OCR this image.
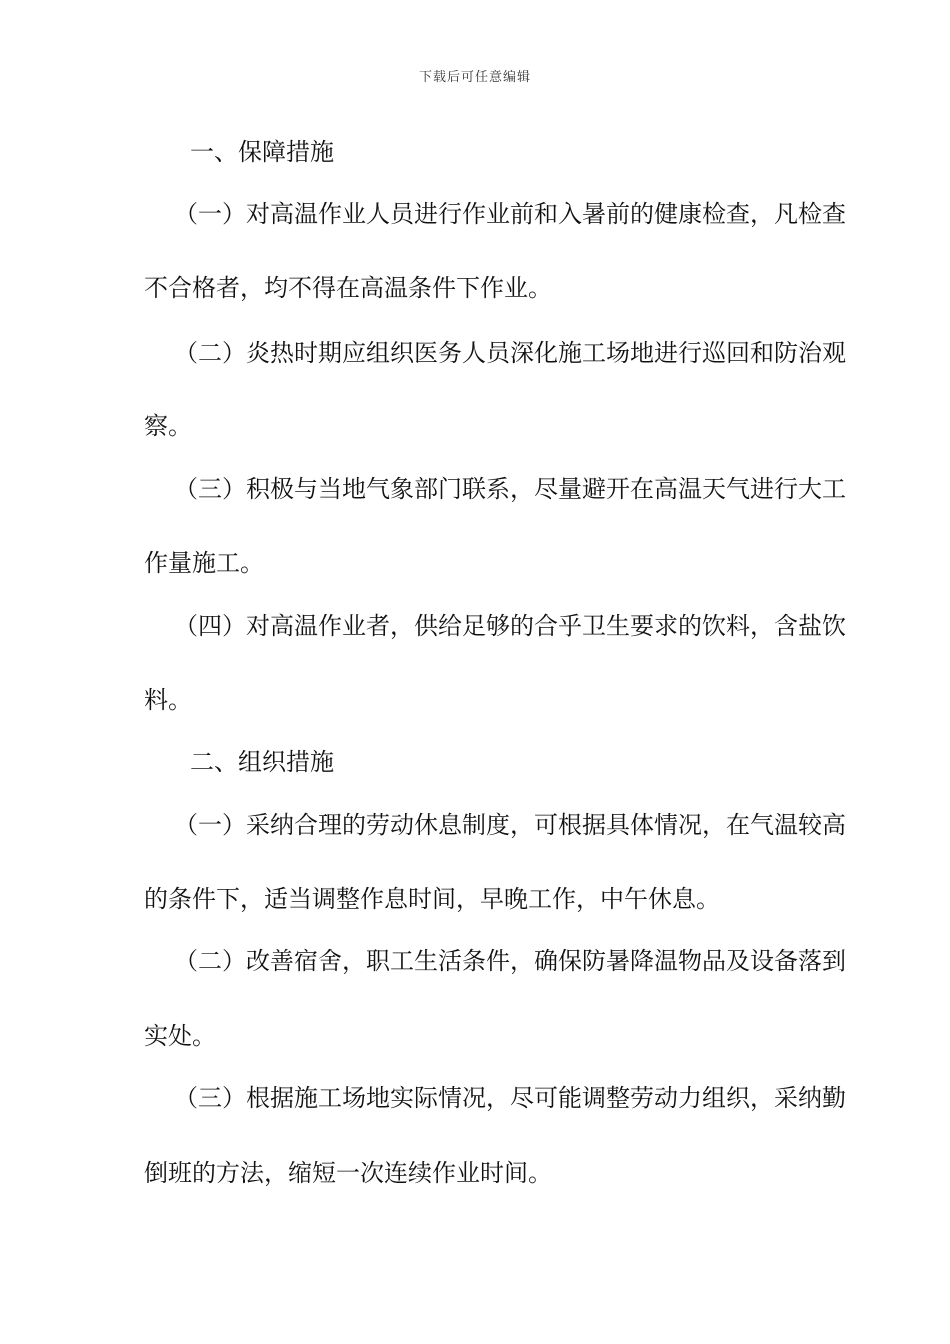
下载后可任意编辑
一、保障措施
（一）对高温作业人员进行作业前和入暑前的健康检查，凡检查
不合格者，均不得在高温条件下作业。
（二）炎热时期应组织医务人员深化施工场地进行巡回和防治观
察。
（三）积极与当地气象部门联系，尽量避开在高温天气进行大工
作量施工。
（四）对高温作业者，供给足够的合乎卫生要求的饮料，含盐饮
料。
二、组织措施
（一）采纳合理的劳动休息制度，可根据具体情况，在气温较高
的条件下，适当调整作息时间，早晚工作，中午休息。
（二）改善宿舍，职工生活条件，确保防暑降温物品及设备落到
实处。
（三）根据施工场地实际情况，尽可能调整劳动力组织，采纳勤
倒班的方法，缩短一次连续作业时间。
